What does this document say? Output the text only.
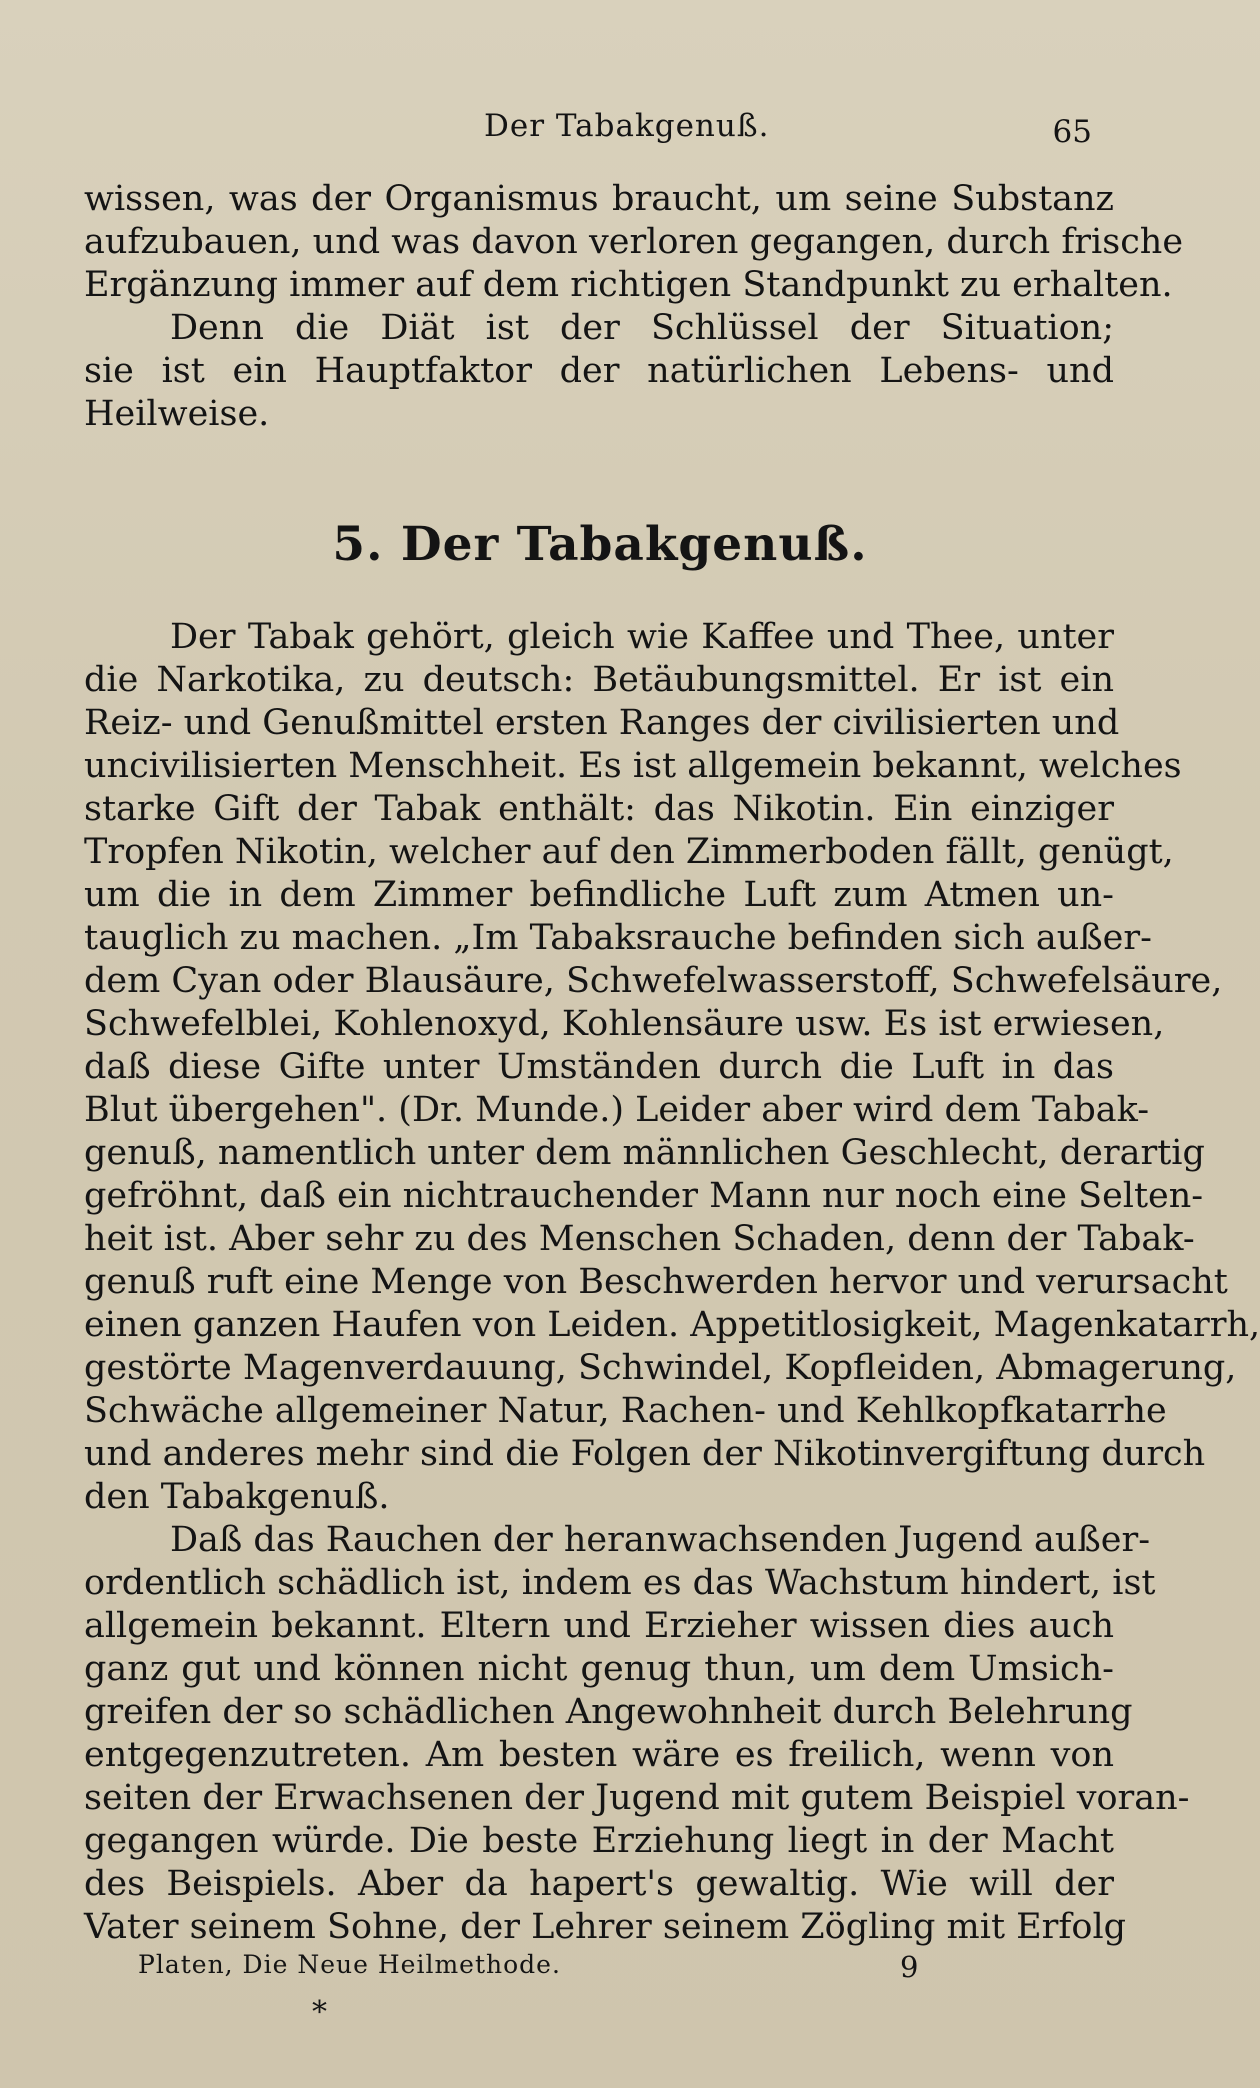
Der Tabakgenuß.	65
wissen, was der Organismus braucht, um seine Substanz
aufzubauen, und was davon verloren gegangen, durch frische
Ergänzung immer auf dem richtigen Standpunkt zu erhalten.
Denn die Diät ist der Schlüssel der Situation;
sie ist ein Hauptfaktor der natürlichen Lebens- und
Heilweise.
5. Der Tabakgenuß.
Der Tabak gehört, gleich wie Kaffee und Thee, unter
die Narkotika, zu deutsch: Betäubungsmittel. Er ist ein
Reiz- und Genußmittel ersten Ranges der civilisierten und
uncivilisierten Menschheit. Es ist allgemein bekannt, welches
starke Gift der Tabak enthält: das Nikotin. Ein einziger
Tropfen Nikotin, welcher auf den Zimmerboden fällt, genügt,
um die in dem Zimmer befindliche Luft zum Atmen un-
tauglich zu machen. „Im Tabaksrauche befinden sich außer-
dem Cyan oder Blausäure, Schwefelwasserstoff, Schwefelsäure,
Schwefelblei, Kohlenoxyd, Kohlensäure usw. Es ist erwiesen,
daß diese Gifte unter Umständen durch die Luft in das
Blut übergehen". (Dr. Munde.) Leider aber wird dem Tabak-
genuß, namentlich unter dem männlichen Geschlecht, derartig
gefröhnt, daß ein nichtrauchender Mann nur noch eine Selten-
heit ist. Aber sehr zu des Menschen Schaden, denn der Tabak-
genuß ruft eine Menge von Beschwerden hervor und verursacht
einen ganzen Haufen von Leiden. Appetitlosigkeit, Magenkatarrh,
gestörte Magenverdauung, Schwindel, Kopfleiden, Abmagerung,
Schwäche allgemeiner Natur, Rachen- und Kehlkopfkatarrhe
und anderes mehr sind die Folgen der Nikotinvergiftung durch
den Tabakgenuß.
Daß das Rauchen der heranwachsenden Jugend außer-
ordentlich schädlich ist, indem es das Wachstum hindert, ist
allgemein bekannt. Eltern und Erzieher wissen dies auch
ganz gut und können nicht genug thun, um dem Umsich-
greifen der so schädlichen Angewohnheit durch Belehrung
entgegenzutreten. Am besten wäre es freilich, wenn von
seiten der Erwachsenen der Jugend mit gutem Beispiel voran-
gegangen würde. Die beste Erziehung liegt in der Macht
des Beispiels. Aber da hapert's gewaltig. Wie will der
Vater seinem Sohne, der Lehrer seinem Zögling mit Erfolg
Platen, Die Neue Heilmethode.	9
*
